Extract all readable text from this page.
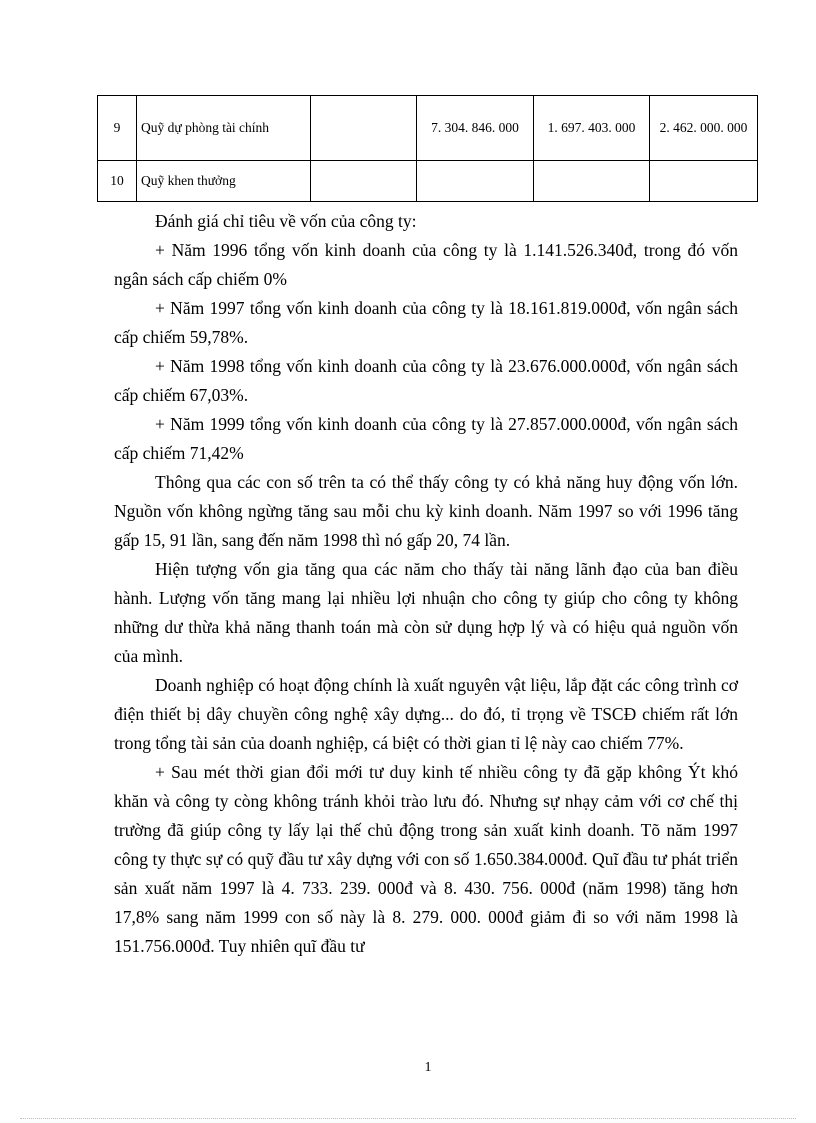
9	Quỹ dự phòng tài chính		7. 304. 846. 000	1. 697. 403. 000	2. 462. 000. 000
10	Quỹ khen thưởng				

Đánh giá chỉ tiêu về vốn của công ty:

+ Năm 1996 tổng vốn kinh doanh của công ty là 1.141.526.340đ, trong đó vốn ngân sách cấp chiếm 0%

+ Năm 1997 tổng vốn kinh doanh của công ty là 18.161.819.000đ, vốn ngân sách cấp chiếm 59,78%.

+ Năm 1998 tổng vốn kinh doanh của công ty là 23.676.000.000đ, vốn ngân sách cấp chiếm 67,03%.

+ Năm 1999 tổng vốn kinh doanh của công ty là 27.857.000.000đ, vốn ngân sách cấp chiếm 71,42%

Thông qua các con số trên ta có thể thấy công ty có khả năng huy động vốn lớn. Nguồn vốn không ngừng tăng sau mỗi chu kỳ kinh doanh. Năm 1997 so với 1996 tăng gấp 15, 91 lần, sang đến năm 1998 thì nó gấp 20, 74 lần.

Hiện tượng vốn gia tăng qua các năm cho thấy tài năng lãnh đạo của ban điều hành. Lượng vốn tăng mang lại nhiều lợi nhuận cho công ty giúp cho công ty không những dư thừa khả năng thanh toán mà còn sử dụng hợp lý và có hiệu quả nguồn vốn của mình.

Doanh nghiệp có hoạt động chính là xuất nguyên vật liệu, lắp đặt các công trình cơ điện thiết bị dây chuyền công nghệ xây dựng... do đó, tỉ trọng về TSCĐ chiếm rất lớn trong tổng tài sản của doanh nghiệp, cá biệt có thời gian tỉ lệ này cao chiếm 77%.

+ Sau mét thời gian đổi mới tư duy kinh tế nhiều công ty đã gặp không Ýt khó khăn và công ty còng không tránh khỏi trào lưu đó. Nhưng sự nhạy cảm với cơ chế thị trường đã giúp công ty lấy lại thế chủ động trong sản xuất kinh doanh. Tõ năm 1997 công ty thực sự có quỹ đầu tư xây dựng với con số 1.650.384.000đ. Quĩ đầu tư phát triển sản xuất năm 1997 là 4. 733. 239. 000đ và 8. 430. 756. 000đ (năm 1998) tăng hơn 17,8% sang năm 1999 con số này là 8. 279. 000. 000đ giảm đi so với năm 1998 là 151.756.000đ. Tuy nhiên quĩ đầu tư

1
